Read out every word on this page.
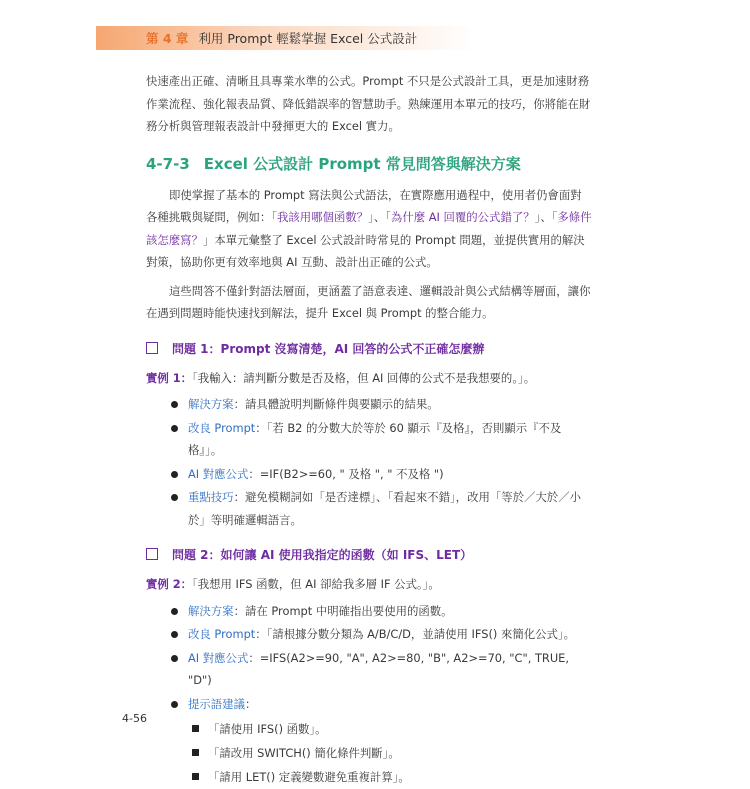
第 4 章 利用 Prompt 輕鬆掌握 Excel 公式設計

快速產出正確、清晰且具專業水準的公式。Prompt 不只是公式設計工具，更是加速財務作業流程、強化報表品質、降低錯誤率的智慧助手。熟練運用本單元的技巧，你將能在財務分析與管理報表設計中發揮更大的 Excel 實力。

4-7-3 Excel 公式設計 Prompt 常見問答與解決方案

即使掌握了基本的 Prompt 寫法與公式語法，在實際應用過程中，使用者仍會面對各種挑戰與疑問，例如：「我該用哪個函數？」、「為什麼 AI 回覆的公式錯了？」、「多條件該怎麼寫？」本單元彙整了 Excel 公式設計時常見的 Prompt 問題，並提供實用的解決對策，協助你更有效率地與 AI 互動、設計出正確的公式。

這些問答不僅針對語法層面，更涵蓋了語意表達、邏輯設計與公式結構等層面，讓你在遇到問題時能快速找到解法，提升 Excel 與 Prompt 的整合能力。

問題 1：Prompt 沒寫清楚，AI 回答的公式不正確怎麼辦

實例 1：「我輸入：請判斷分數是否及格，但 AI 回傳的公式不是我想要的。」。

解決方案：請具體說明判斷條件與要顯示的結果。
改良 Prompt：「若 B2 的分數大於等於 60 顯示『及格』，否則顯示『不及格』」。
AI 對應公式：=IF(B2>=60, " 及格 ", " 不及格 ")
重點技巧：避免模糊詞如「是否達標」、「看起來不錯」，改用「等於／大於／小於」等明確邏輯語言。
問題 2：如何讓 AI 使用我指定的函數（如 IFS、LET）

實例 2：「我想用 IFS 函數，但 AI 卻給我多層 IF 公式。」。

解決方案：請在 Prompt 中明確指出要使用的函數。
改良 Prompt：「請根據分數分類為 A/B/C/D，並請使用 IFS() 來簡化公式」。
AI 對應公式：=IFS(A2>=90, "A", A2>=80, "B", A2>=70, "C", TRUE, "D")
提示語建議：
「請使用 IFS() 函數」。
「請改用 SWITCH() 簡化條件判斷」。
「請用 LET() 定義變數避免重複計算」。
4-56
